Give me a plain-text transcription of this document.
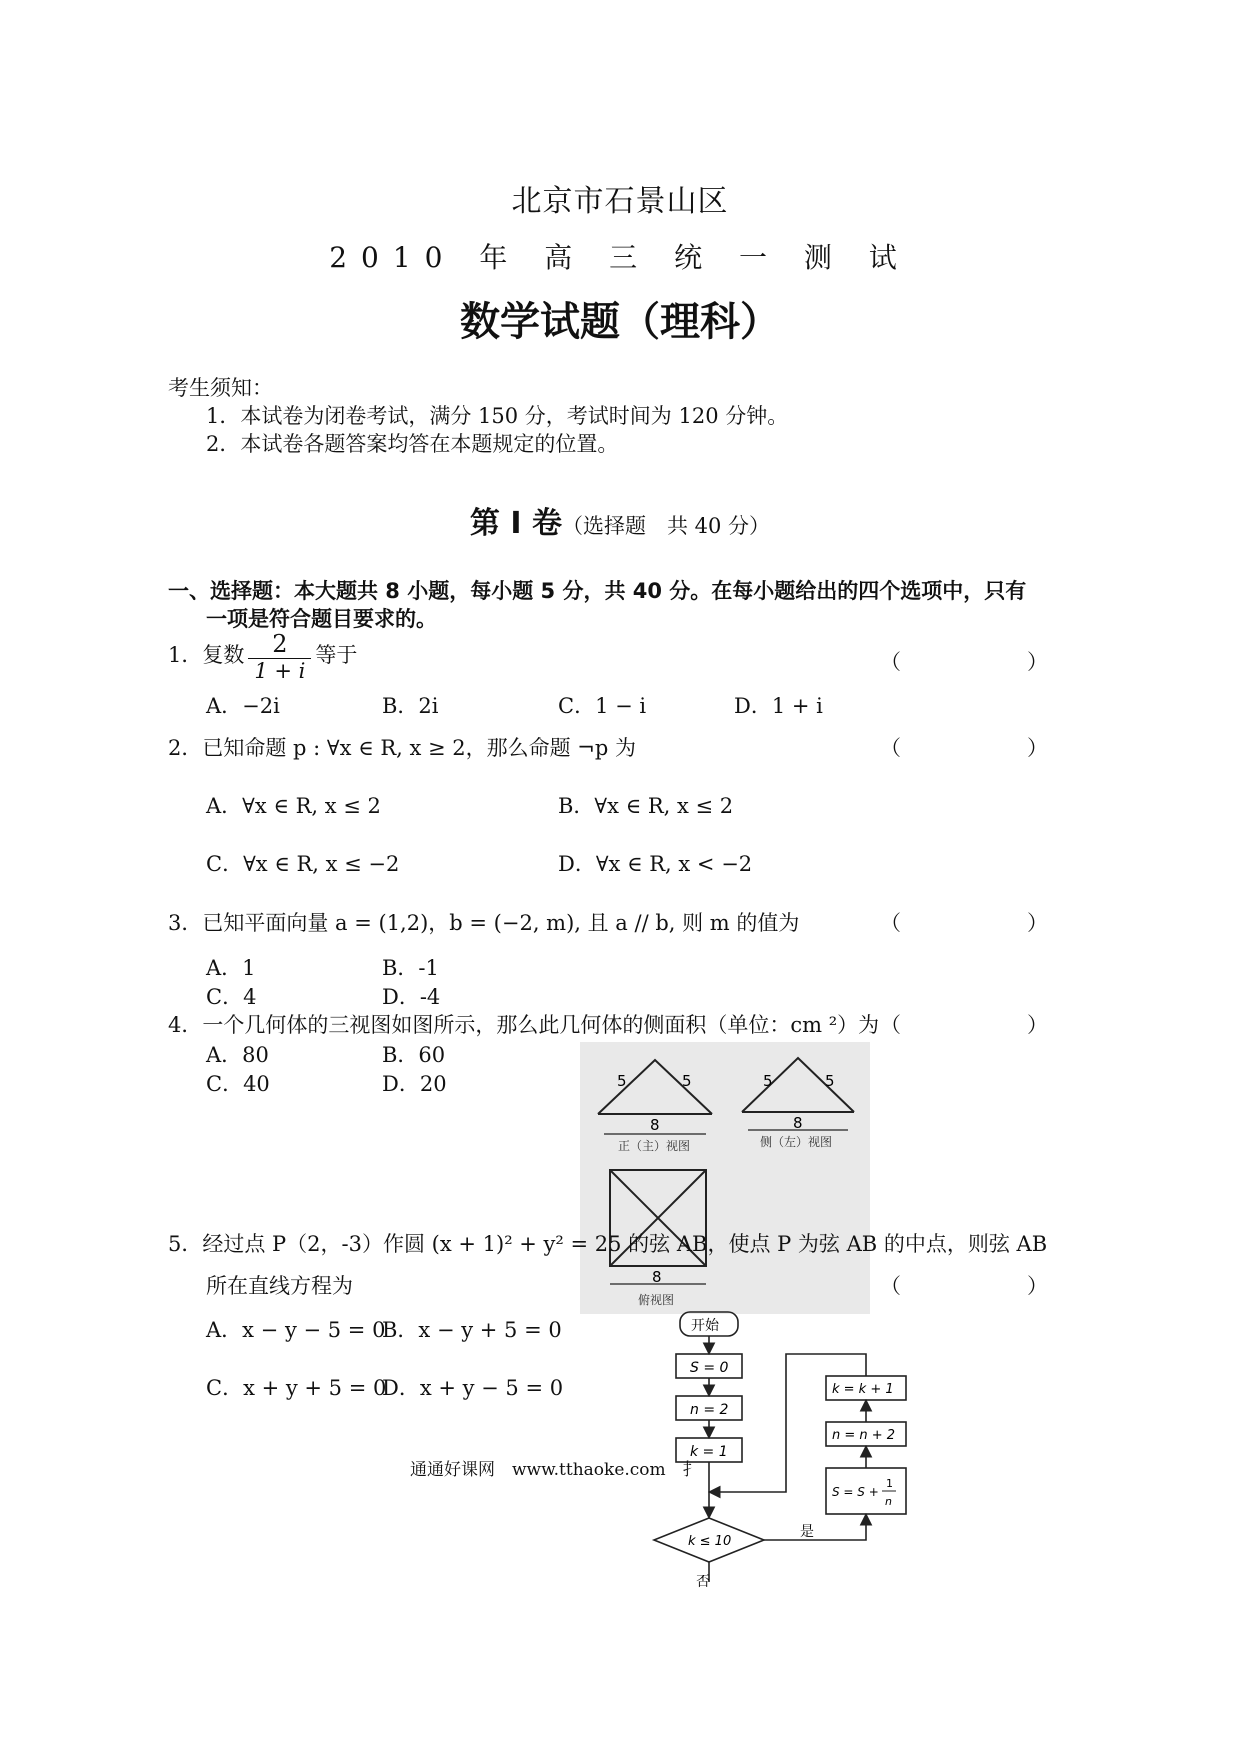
北京市石景山区
2010 年 高 三 统 一 测 试
数学试题（理科）
考生须知：
1．本试卷为闭卷考试，满分 150 分，考试时间为 120 分钟。
2．本试卷各题答案均答在本题规定的位置。
第 I 卷（选择题　共 40 分）
一、选择题：本大题共 8 小题，每小题 5 分，共 40 分。在每小题给出的四个选项中，只有
一项是符合题目要求的。
1．复数 $\frac{2}{1 + i}$ 等于	（　　）
A．−2i	B．2i	C．1 − i	D．1 + i
2．已知命题 p : ∀x ∈ R, x ≥ 2，那么命题 ¬p 为	（　　）
A．∀x ∈ R, x ≤ 2	B．∀x ∈ R, x ≤ 2
C．∀x ∈ R, x ≤ −2	D．∀x ∈ R, x < −2
3．已知平面向量 a = (1,2)，b = (−2, m), 且 a // b, 则 m 的值为	（　　）
A．1	B．-1
C．4	D．-4
4．一个几何体的三视图如图所示，那么此几何体的侧面积（单位：cm ²）为 （　　）
A．80	B．60
C．40	D．20	5	5
8
正（主）视图
5	5
8
侧（左）视图
8
俯视图
5．经过点 P（2，-3）作圆 (x + 1)² + y² = 25 的弦 AB，使点 P 为弦 AB 的中点，则弦 AB
所在直线方程为	（　　）
A．x − y − 5 = 0
B．x − y + 5 = 0
C．x + y + 5 = 0
D．x + y − 5 = 0
开始
S = 0
n = 2
k = 1
k ≤ 10
是
否
S = S +
1
n
n = n + 2
k = k + 1
通通好课网　www.tthaoke.com　扌
